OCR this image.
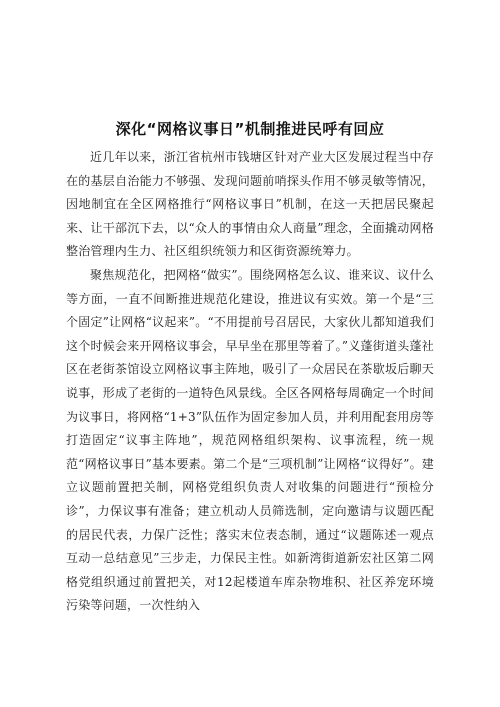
深化“网格议事日”机制推进民呼有回应

近几年以来，浙江省杭州市钱塘区针对产业大区发展过程当中存在的基层自治能力不够强、发现问题前哨探头作用不够灵敏等情况，因地制宜在全区网格推行“网格议事日”机制，在这一天把居民聚起来、让干部沉下去，以“众人的事情由众人商量”理念，全面撬动网格整治管理内生力、社区组织统领力和区街资源统筹力。

聚焦规范化，把网格“做实”。围绕网格怎么议、谁来议、议什么等方面，一直不间断推进规范化建设，推进议有实效。第一个是“三个固定”让网格“议起来”。“不用提前号召居民，大家伙儿都知道我们这个时候会来开网格议事会，早早坐在那里等着了。”义蓬街道头蓬社区在老街茶馆设立网格议事主阵地，吸引了一众居民在茶歇坂后聊天说事，形成了老街的一道特色风景线。全区各网格每周确定一个时间为议事日，将网格“1+3”队伍作为固定参加人员，并利用配套用房等打造固定“议事主阵地”，规范网格组织架构、议事流程，统一规范“网格议事日”基本要素。第二个是“三项机制”让网格“议得好”。建立议题前置把关制，网格党组织负责人对收集的问题进行“预检分诊”，力保议事有准备；建立机动人员筛选制，定向邀请与议题匹配的居民代表，力保广泛性；落实末位表态制，通过“议题陈述一观点互动一总结意见”三步走，力保民主性。如新湾街道新宏社区第二网格党组织通过前置把关，对12起楼道车库杂物堆积、社区养宠环境污染等问题，一次性纳入
